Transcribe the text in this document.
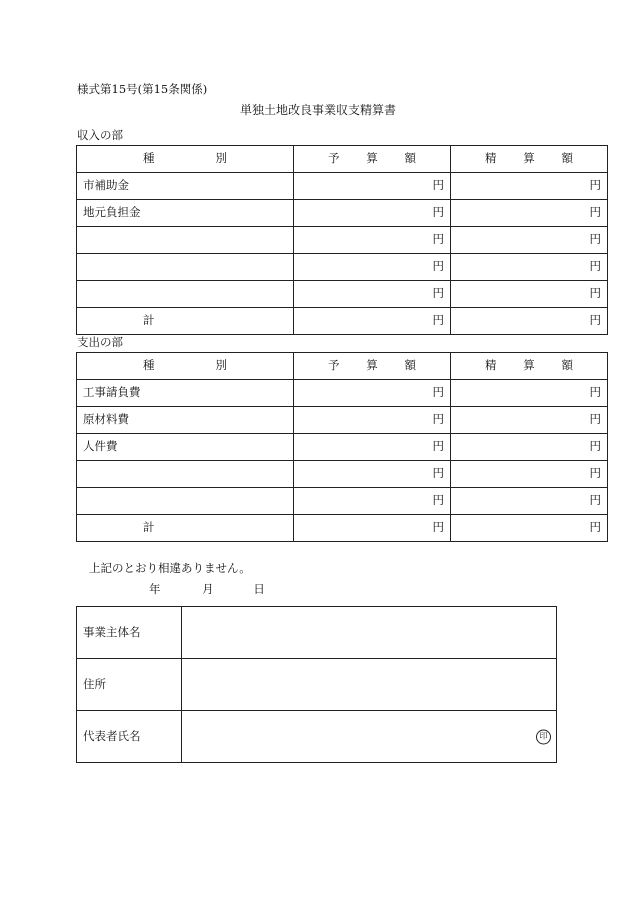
様式第15号(第15条関係)
単独土地改良事業収支精算書
収入の部
種 別	予 算 額	精 算 額

市補助金	円	円
地元負担金	円	円
	円	円
	円	円
	円	円
計	円	円
支出の部
種 別	予 算 額	精 算 額

工事請負費	円	円
原材料費	円	円
人件費	円	円
	円	円
	円	円
計	円	円
上記のとおり相違ありません。
年	月	日
事業主体名	
住所	
代表者氏名	印
